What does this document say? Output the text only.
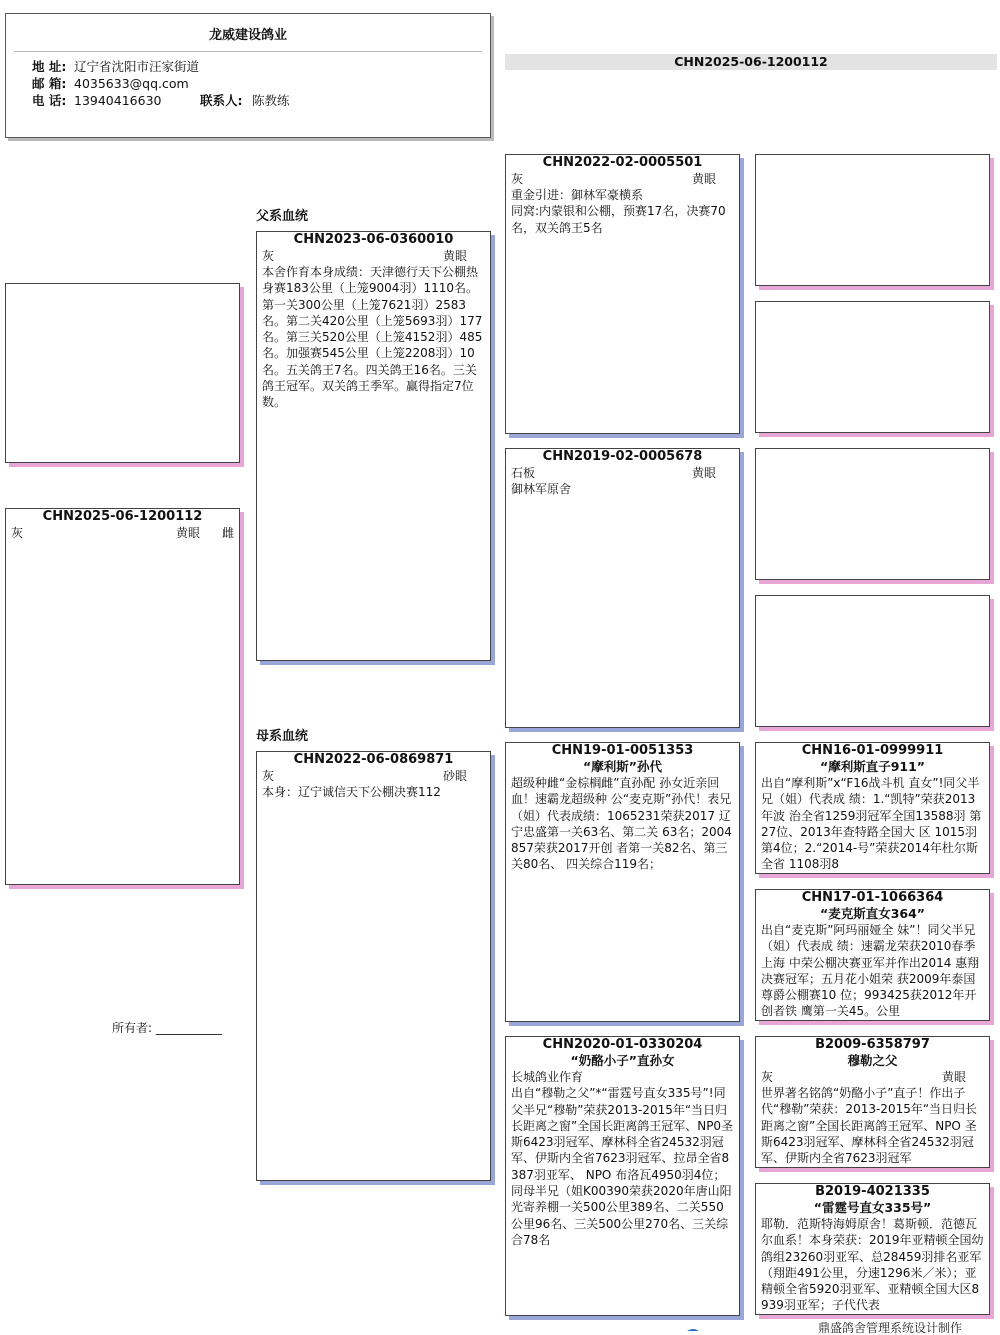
龙威建设鸽业
地 址: 辽宁省沈阳市汪家街道
邮 箱: 4035633@qq.com
电 话: 13940416630	联系人: 陈教练
CHN2025-06-1200112
父系血统
母系血统
CHN2025-06-1200112
灰	黄眼 雌
所有者: ___________
CHN2023-06-0360010
灰	黄眼
本舍作育本身成绩：天津德行天下公棚热身赛183公里（上笼9004羽）1110名。第一关300公里（上笼7621羽）2583名。第二关420公里（上笼5693羽）177名。第三关520公里（上笼4152羽）485名。加强赛545公里（上笼2208羽）10名。五关鸽王7名。四关鸽王16名。三关鸽王冠军。双关鸽王季军。赢得指定7位数。
CHN2022-06-0869871
灰	砂眼
本身：辽宁诚信天下公棚决赛112
CHN2022-02-0005501
灰	黄眼
重金引进：御林军豪横系
同窝:内蒙银和公棚，预赛17名，决赛70名，双关鸽王5名
CHN2019-02-0005678
石板	黄眼
御林军原舍
CHN19-01-0051353
“摩利斯”孙代
超级种雌“金棕榈雌”直孙配 孙女近亲回血！速霸龙超级种 公“麦克斯”孙代！表兄（姐）代表成绩：1065231荣获2017 辽宁忠盛第一关63名、第二关 63名；2004857荣获2017开创 者第一关82名、第三关80名、 四关综合119名；
CHN2020-01-0330204
“奶酪小子”直孙女
长城鸽业作育
出自“穆勒之父”*“雷霆号直女335号”!同父半兄“穆勒”荣获2013-2015年“当日归长距离之窗”全国长距离鸽王冠军、NP0圣斯6423羽冠军、摩林科全省24532羽冠军、伊斯内全省7623羽冠军、拉昂全省8387羽亚军、 NPO 布洛瓦4950羽4位；同母半兄（姐K00390荣获2020年唐山阳光寄养棚一关500公里389名、二关550公里96名、三关500公里270名、三关综合78名
CHN16-01-0999911
“摩利斯直子911”
出自“摩利斯”x“F16战斗机 直女”!同父半兄（姐）代表成 绩：1.“凯特”荣获2013年波 治全省1259羽冠军全国13588羽 第27位、2013年查特路全国大 区 1015羽第4位；2.“2014-号”荣获2014年杜尔斯全省 1108羽8
CHN17-01-1066364
“麦克斯直女364”
出自“麦克斯”阿玛丽娅全 妹”！同父半兄（姐）代表成 绩：速霸龙荣获2010春季上海 中荣公棚决赛亚军并作出2014 惠翔决赛冠军；五月花小姐荣 获2009年泰国尊爵公棚赛10 位；993425获2012年开创者铁 鹰第一关45。公里
B2009-6358797
穆勒之父
灰	黄眼
世界著名铭鸽“奶酪小子”直子！作出子代“穆勒”荣获：2013-2015年“当日归长距离之窗”全国长距离鸽王冠军、NPO 圣斯6423羽冠军、摩林科全省24532羽冠军、伊斯内全省7623羽冠军
B2019-4021335
“雷霆号直女335号”
耶勒．范斯特海姆原舍！葛斯顿．范德瓦尔血系！本身荣获：2019年亚精顿全国幼鸽组23260羽亚军、总28459羽排名亚军（翔距491公里，分速1296米／米）；亚精顿全省5920羽亚军、亚精顿全国大区8939羽亚军；子代代表
鼎盛鸽舍管理系统设计制作
